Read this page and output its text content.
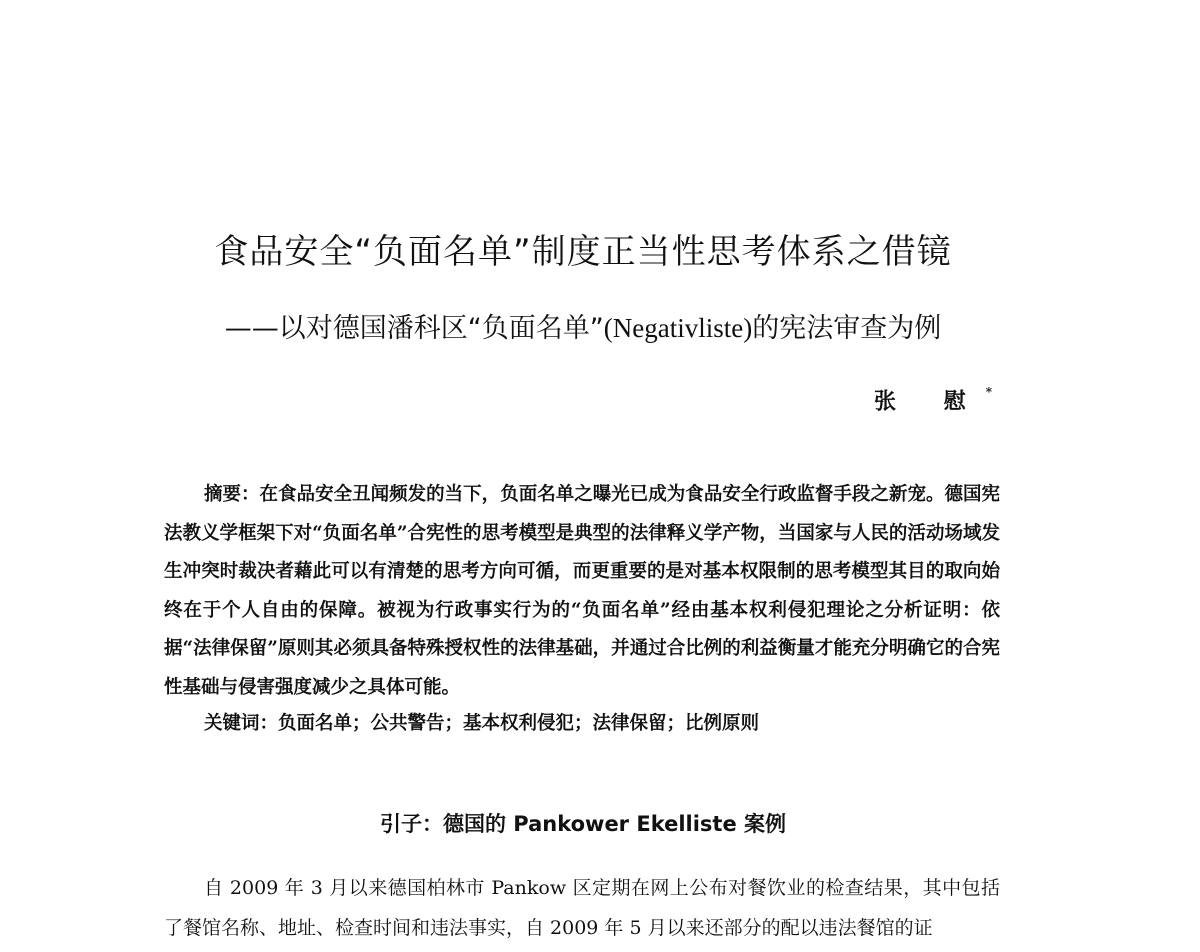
食品安全“负面名单”制度正当性思考体系之借镜
——以对德国潘科区“负面名单”(Negativliste)的宪法审查为例
张 慰*

摘要：在食品安全丑闻频发的当下，负面名单之曝光已成为食品安全行政监督手段之新宠。德国宪法教义学框架下对“负面名单”合宪性的思考模型是典型的法律释义学产物，当国家与人民的活动场域发生冲突时裁决者藉此可以有清楚的思考方向可循，而更重要的是对基本权限制的思考模型其目的取向始终在于个人自由的保障。被视为行政事实行为的“负面名单”经由基本权利侵犯理论之分析证明：依据“法律保留”原则其必须具备特殊授权性的法律基础，并通过合比例的利益衡量才能充分明确它的合宪性基础与侵害强度减少之具体可能。

关键词：负面名单；公共警告；基本权利侵犯；法律保留；比例原则

引子：德国的 Pankower Ekelliste 案例

自 2009 年 3 月以来德国柏林市 Pankow 区定期在网上公布对餐饮业的检查结果，其中包括了餐馆名称、地址、检查时间和违法事实，自 2009 年 5 月以来还部分的配以违法餐馆的证
